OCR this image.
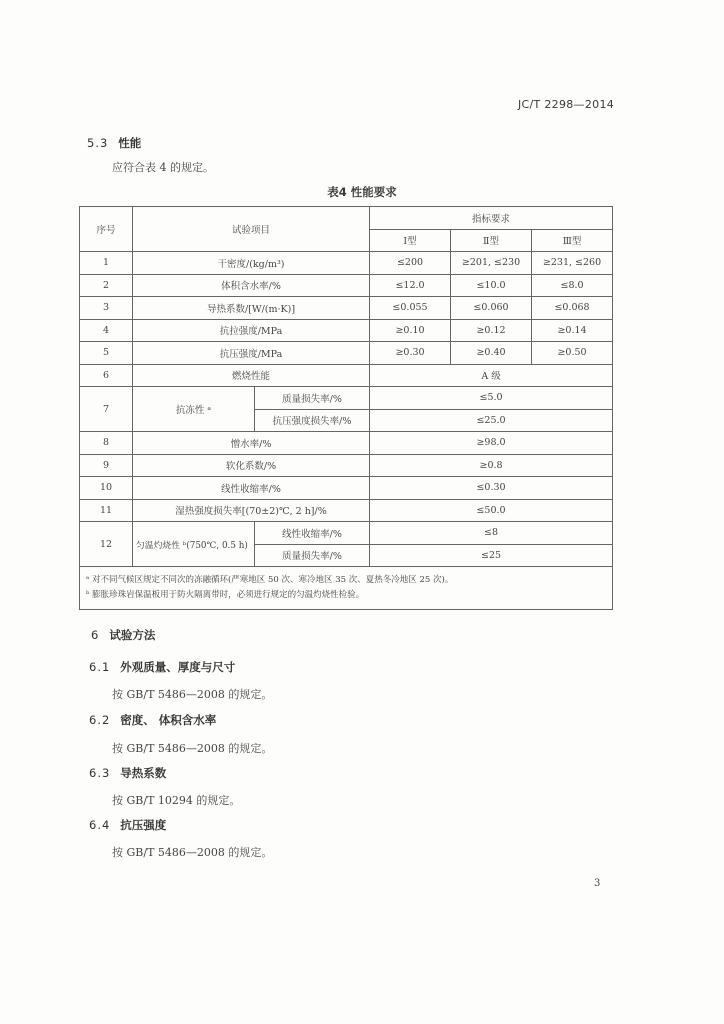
JC/T 2298—2014
5.3 性能
应符合表 4 的规定。
表4 性能要求
序号	试验项目		指标要求		
			Ⅰ型	Ⅱ型	Ⅲ型
1	干密度/(kg/m³)		≤200	≥201, ≤230	≥231, ≤260
2	体积含水率/%		≤12.0	≤10.0	≤8.0
3	导热系数/[W/(m·K)]		≤0.055	≤0.060	≤0.068
4	抗拉强度/MPa		≥0.10	≥0.12	≥0.14
5	抗压强度/MPa		≥0.30	≥0.40	≥0.50
6	燃烧性能		A 级		
7	抗冻性 ᵃ	质量损失率/%	≤5.0		
		抗压强度损失率/%	≤25.0		
8	憎水率/%		≥98.0		
9	软化系数/%		≥0.8		
10	线性收缩率/%		≤0.30		
11	湿热强度损失率[(70±2)℃, 2 h]/%		≤50.0		
12	匀温灼烧性 ᵇ(750℃, 0.5 h)	线性收缩率/%	≤8		
		质量损失率/%	≤25		

ᵃ 对不同气候区规定不同次的冻融循环(严寒地区 50 次、寒冷地区 35 次、夏热冬冷地区 25 次)。
ᵇ 膨胀珍珠岩保温板用于防火隔离带时，必须进行规定的匀温灼烧性检验。					
6 试验方法
6.1 外观质量、厚度与尺寸
按 GB/T 5486—2008 的规定。
6.2 密度、 体积含水率
按 GB/T 5486—2008 的规定。
6.3 导热系数
按 GB/T 10294 的规定。
6.4 抗压强度
按 GB/T 5486—2008 的规定。
3
